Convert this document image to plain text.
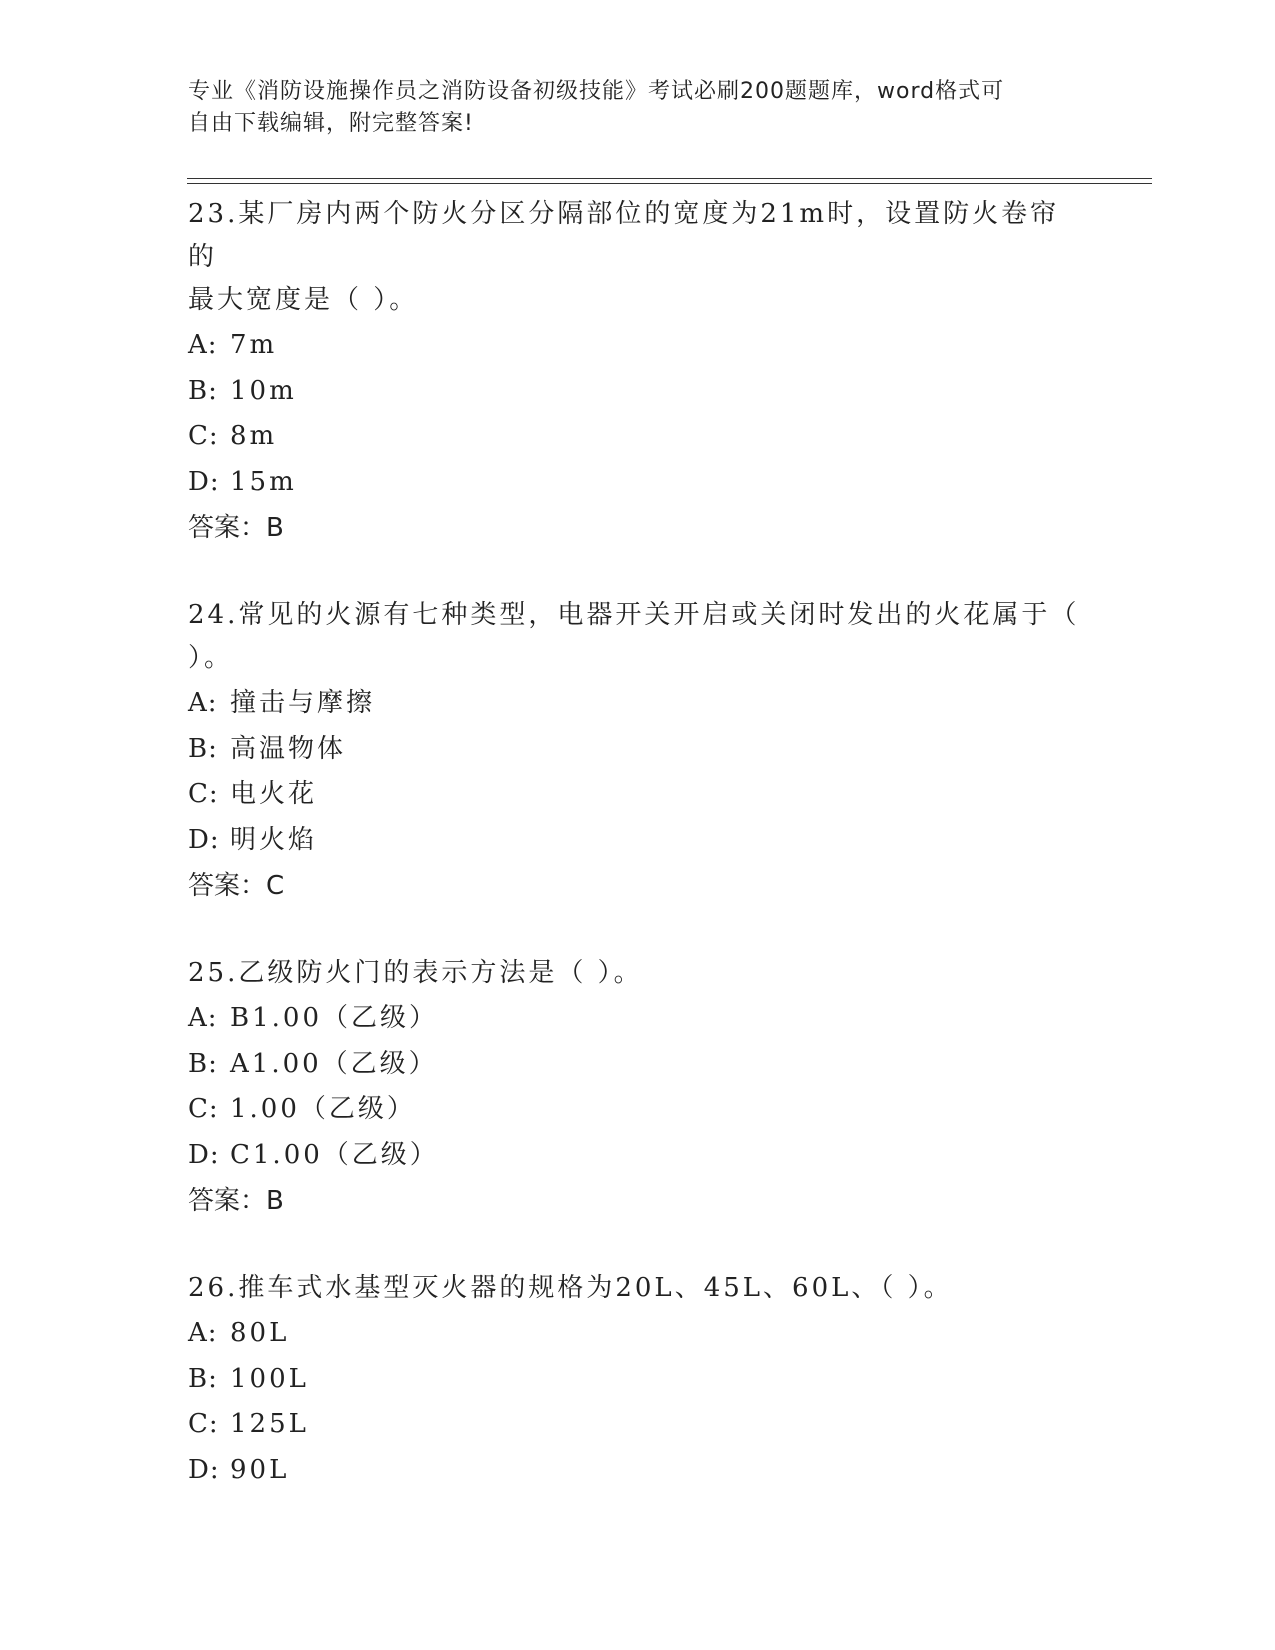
专业《消防设施操作员之消防设备初级技能》考试必刷200题题库，word格式可
自由下载编辑，附完整答案!
23.某厂房内两个防火分区分隔部位的宽度为21m时，设置防火卷帘的
最大宽度是（ ）。
A: 7m
B: 10m
C: 8m
D: 15m
答案：B
24.常见的火源有七种类型，电器开关开启或关闭时发出的火花属于（
）。
A: 撞击与摩擦
B: 高温物体
C: 电火花
D: 明火焰
答案：C
25.乙级防火门的表示方法是（ ）。
A: B1.00（乙级）
B: A1.00（乙级）
C: 1.00（乙级）
D: C1.00（乙级）
答案：B
26.推车式水基型灭火器的规格为20L、45L、60L、（ ）。
A: 80L
B: 100L
C: 125L
D: 90L
